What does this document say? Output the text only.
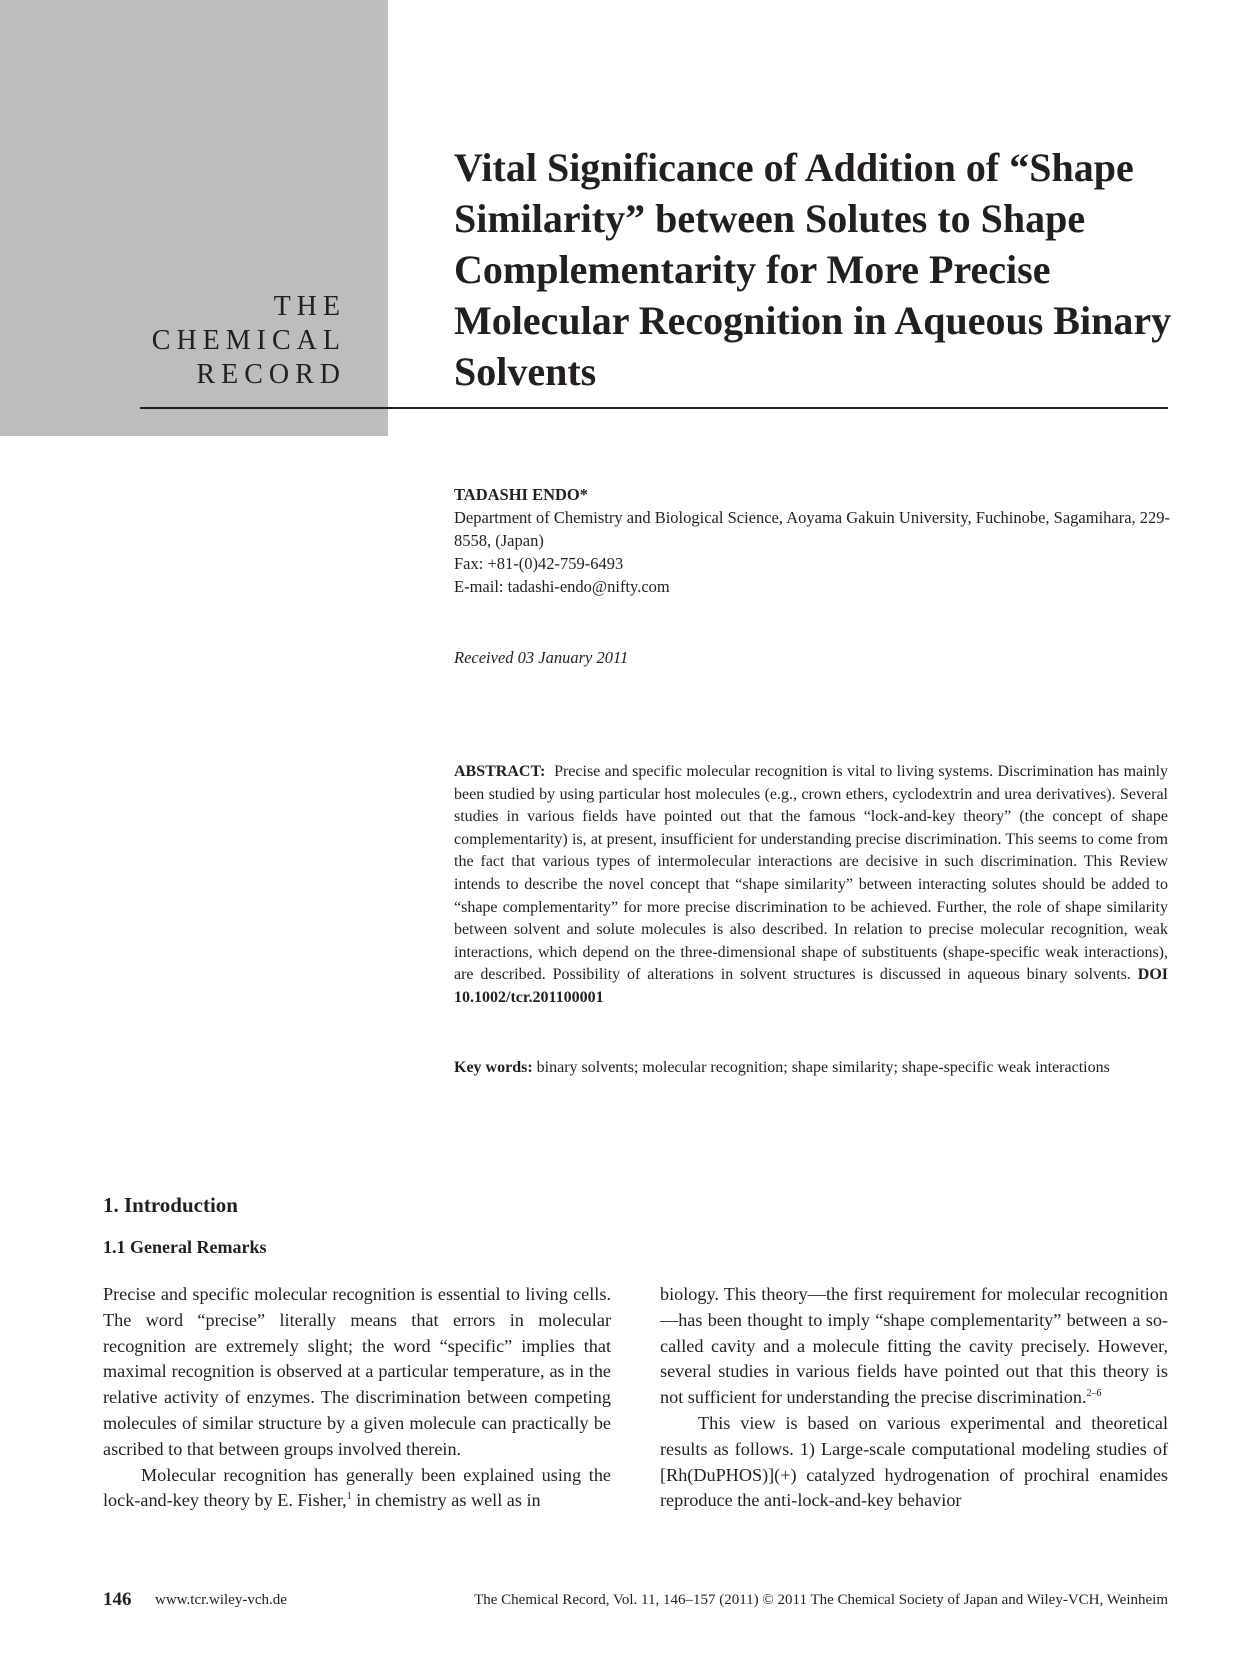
THE
CHEMICAL
RECORD
Vital Significance of Addition of “Shape Similarity” between Solutes to Shape Complementarity for More Precise Molecular Recognition in Aqueous Binary Solvents
TADASHI ENDO*
Department of Chemistry and Biological Science, Aoyama Gakuin University, Fuchinobe, Sagamihara, 229-8558, (Japan)
Fax: +81-(0)42-759-6493
E-mail: tadashi-endo@nifty.com
Received 03 January 2011

ABSTRACT: Precise and specific molecular recognition is vital to living systems. Discrimination has mainly been studied by using particular host molecules (e.g., crown ethers, cyclodextrin and urea derivatives). Several studies in various fields have pointed out that the famous “lock-and-key theory” (the concept of shape complementarity) is, at present, insufficient for understanding precise discrimination. This seems to come from the fact that various types of intermolecular interactions are decisive in such discrimination. This Review intends to describe the novel concept that “shape similarity” between interacting solutes should be added to “shape complementarity” for more precise discrimination to be achieved. Further, the role of shape similarity between solvent and solute molecules is also described. In relation to precise molecular recognition, weak interactions, which depend on the three-dimensional shape of substituents (shape-specific weak interactions), are described. Possibility of alterations in solvent structures is discussed in aqueous binary solvents. DOI 10.1002/tcr.201100001

Key words: binary solvents; molecular recognition; shape similarity; shape-specific weak interactions

1. Introduction
1.1 General Remarks

Precise and specific molecular recognition is essential to living cells. The word “precise” literally means that errors in molecular recognition are extremely slight; the word “specific” implies that maximal recognition is observed at a particular temperature, as in the relative activity of enzymes. The discrimination between competing molecules of similar structure by a given molecule can practically be ascribed to that between groups involved therein.

Molecular recognition has generally been explained using the lock-and-key theory by E. Fisher,$^1$ in chemistry as well as in

biology. This theory—the first requirement for molecular recognition—has been thought to imply “shape complementarity” between a so-called cavity and a molecule fitting the cavity precisely. However, several studies in various fields have pointed out that this theory is not sufficient for understanding the precise discrimination.$^{2-6}$

This view is based on various experimental and theoretical results as follows. 1) Large-scale computational modeling studies of [Rh(DuPHOS)](+) catalyzed hydrogenation of prochiral enamides reproduce the anti-lock-and-key behavior

146 www.tcr.wiley-vch.de	The Chemical Record, Vol. 11, 146–157 (2011) © 2011 The Chemical Society of Japan and Wiley-VCH, Weinheim
